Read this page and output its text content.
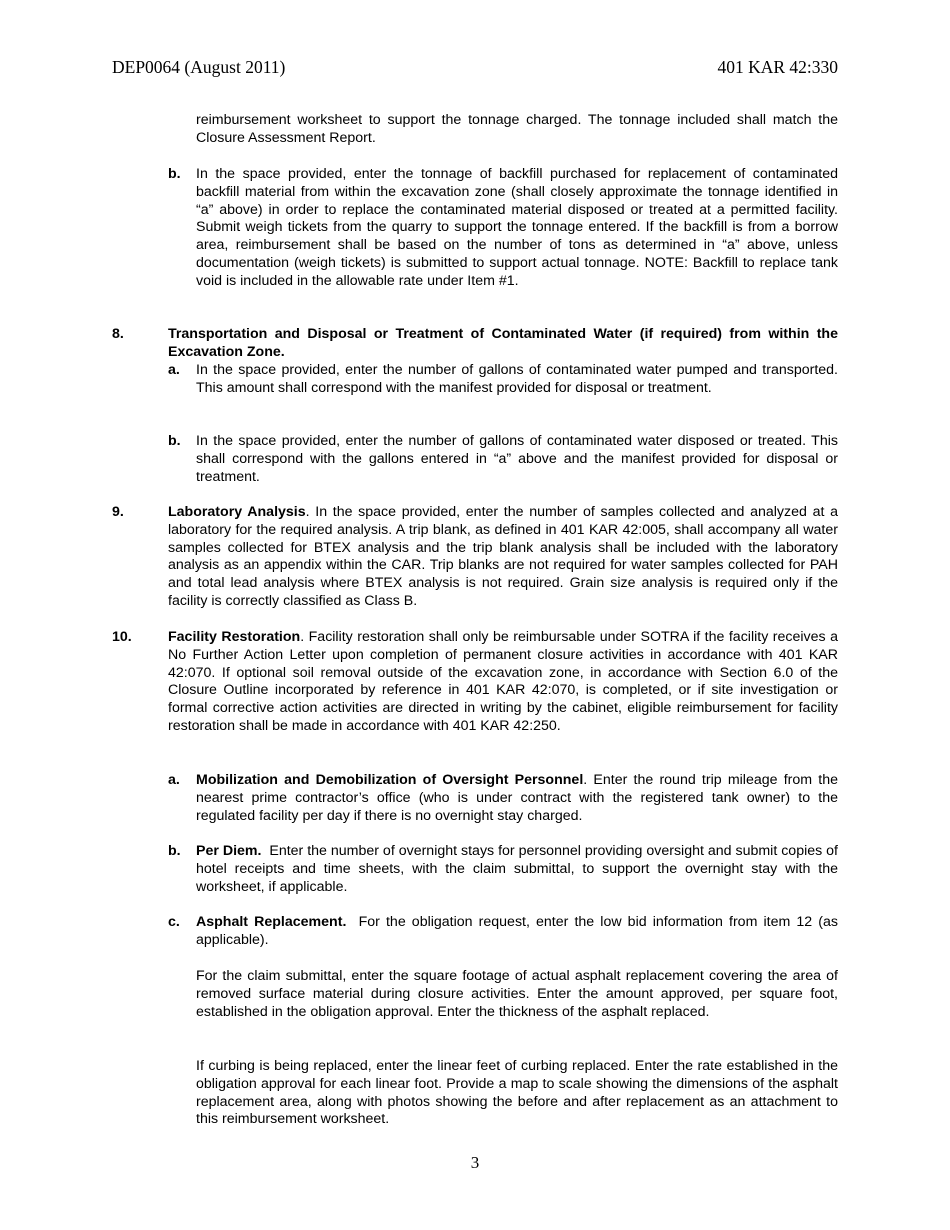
DEP0064 (August 2011)	401 KAR 42:330
reimbursement worksheet to support the tonnage charged. The tonnage included shall match the Closure Assessment Report.
b. In the space provided, enter the tonnage of backfill purchased for replacement of contaminated backfill material from within the excavation zone (shall closely approximate the tonnage identified in “a” above) in order to replace the contaminated material disposed or treated at a permitted facility. Submit weigh tickets from the quarry to support the tonnage entered. If the backfill is from a borrow area, reimbursement shall be based on the number of tons as determined in “a” above, unless documentation (weigh tickets) is submitted to support actual tonnage. NOTE: Backfill to replace tank void is included in the allowable rate under Item #1.
8.	Transportation and Disposal or Treatment of Contaminated Water (if required) from within the Excavation Zone.
a. In the space provided, enter the number of gallons of contaminated water pumped and transported. This amount shall correspond with the manifest provided for disposal or treatment.
b. In the space provided, enter the number of gallons of contaminated water disposed or treated. This shall correspond with the gallons entered in “a” above and the manifest provided for disposal or treatment.
9.	Laboratory Analysis. In the space provided, enter the number of samples collected and analyzed at a laboratory for the required analysis. A trip blank, as defined in 401 KAR 42:005, shall accompany all water samples collected for BTEX analysis and the trip blank analysis shall be included with the laboratory analysis as an appendix within the CAR. Trip blanks are not required for water samples collected for PAH and total lead analysis where BTEX analysis is not required. Grain size analysis is required only if the facility is correctly classified as Class B.
10.	Facility Restoration. Facility restoration shall only be reimbursable under SOTRA if the facility receives a No Further Action Letter upon completion of permanent closure activities in accordance with 401 KAR 42:070. If optional soil removal outside of the excavation zone, in accordance with Section 6.0 of the Closure Outline incorporated by reference in 401 KAR 42:070, is completed, or if site investigation or formal corrective action activities are directed in writing by the cabinet, eligible reimbursement for facility restoration shall be made in accordance with 401 KAR 42:250.
a. Mobilization and Demobilization of Oversight Personnel. Enter the round trip mileage from the nearest prime contractor’s office (who is under contract with the registered tank owner) to the regulated facility per day if there is no overnight stay charged.
b. Per Diem.  Enter the number of overnight stays for personnel providing oversight and submit copies of hotel receipts and time sheets, with the claim submittal, to support the overnight stay with the worksheet, if applicable.
c. Asphalt Replacement.  For the obligation request, enter the low bid information from item 12 (as applicable).
For the claim submittal, enter the square footage of actual asphalt replacement covering the area of removed surface material during closure activities. Enter the amount approved, per square foot, established in the obligation approval. Enter the thickness of the asphalt replaced.
If curbing is being replaced, enter the linear feet of curbing replaced. Enter the rate established in the obligation approval for each linear foot. Provide a map to scale showing the dimensions of the asphalt replacement area, along with photos showing the before and after replacement as an attachment to this reimbursement worksheet.
3
